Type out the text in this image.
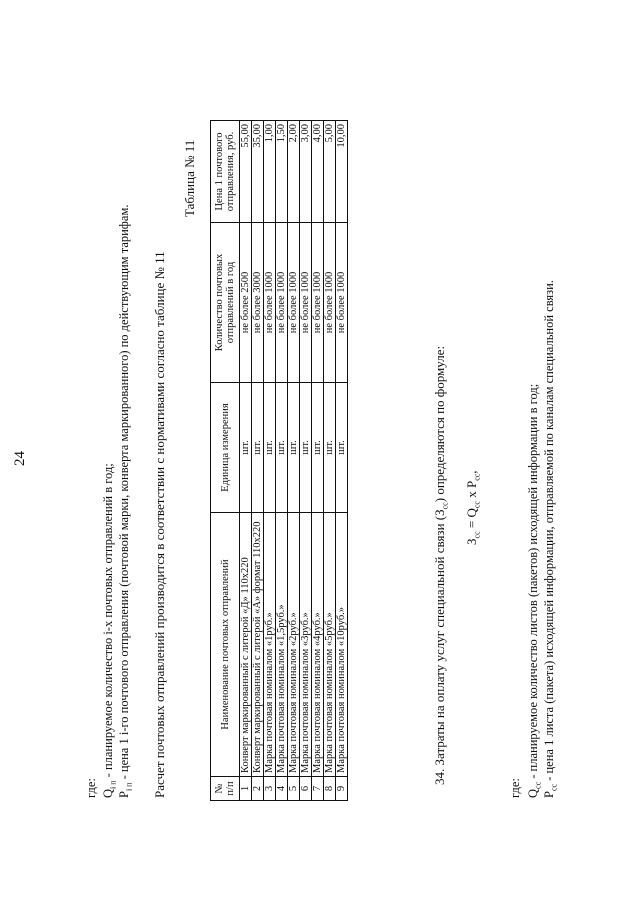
24
где: $Q_{i п}$ - планируемое количество i-х почтовых отправлений в год;
$P_{i п}$ - цена 1 i-го почтового отправления (почтовой марки, конверта маркированного) по действующим тарифам. Расчет почтовых отправлений производится в соответствии с нормативами согласно таблице № 11
Таблица № 11
№ п/п	Наименование почтовых отправлений	Единица измерения	Количество почтовых отправлений в год	Цена 1 почтового отправления, руб.
1	Конверт маркированный с литерой «Д» 110х220	шт.	не более 2500	55,00
2	Конверт маркированный с литерой «А» формат 110х220	шт.	не более 3000	35,00
3	Марка почтовая номиналом «1руб.»	шт.	не более 1000	1,00
4	Марка почтовая номиналом «1,5руб.»	шт.	не более 1000	1,50
5	Марка почтовая номиналом «2руб.»	шт.	не более 1000	2,00
6	Марка почтовая номиналом «3руб.»	шт.	не более 1000	3,00
7	Марка почтовая номиналом «4руб.»	шт.	не более 1000	4,00
8	Марка почтовая номиналом «5руб.»	шт.	не более 1000	5,00
9	Марка почтовая номиналом «10руб.»	шт.	не более 1000	10,00
34. Затраты на оплату услуг специальной связи $(З_{сс})$ определяются по формуле:
$З_{сс} = Q_{сс}$ x $P_{сс}$,
где: $Q_{сс}$ - планируемое количество листов (пакетов) исходящей информации в год;
$P_{сс}$ - цена 1 листа (пакета) исходящей информации, отправляемой по каналам специальной связи.
